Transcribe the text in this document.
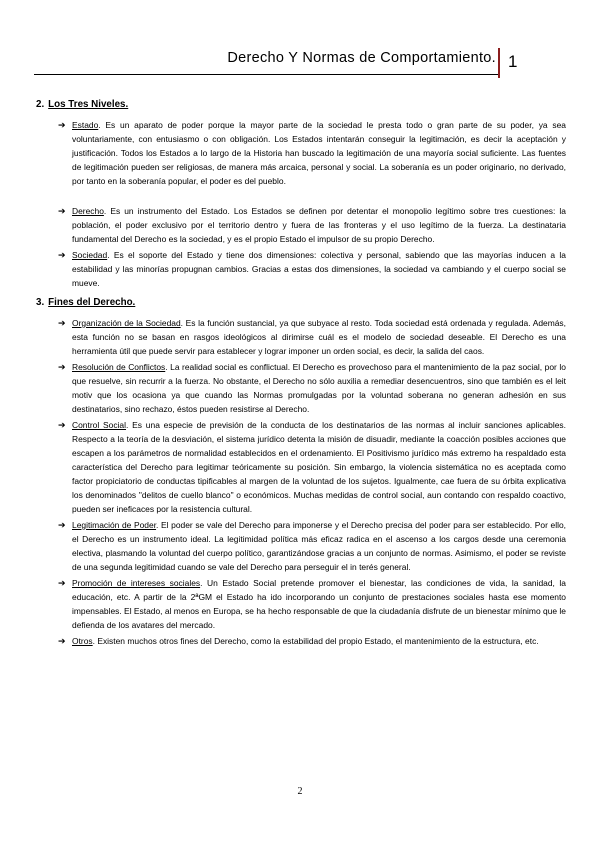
Derecho Y Normas de Comportamiento. 1
2. Los Tres Niveles.
➔ Estado. Es un aparato de poder porque la mayor parte de la sociedad le presta todo o gran parte de su poder, ya sea voluntariamente, con entusiasmo o con obligación. Los Estados intentarán conseguir la legitimación, es decir la aceptación y justificación. Todos los Estados a lo largo de la Historia han buscado la legitimación de una mayoría social suficiente. Las fuentes de legitimación pueden ser religiosas, de manera más arcaica, personal y social. La soberanía es un poder originario, no derivado, por tanto en la soberanía popular, el poder es del pueblo.
➔ Derecho. Es un instrumento del Estado. Los Estados se definen por detentar el monopolio legítimo sobre tres cuestiones: la población, el poder exclusivo por el territorio dentro y fuera de las fronteras y el uso legítimo de la fuerza. La destinataria fundamental del Derecho es la sociedad, y es el propio Estado el impulsor de su propio Derecho.
➔ Sociedad. Es el soporte del Estado y tiene dos dimensiones: colectiva y personal, sabiendo que las mayorías inducen a la estabilidad y las minorías propugnan cambios. Gracias a estas dos dimensiones, la sociedad va cambiando y el cuerpo social se mueve.
3. Fines del Derecho.
➔ Organización de la Sociedad. Es la función sustancial, ya que subyace al resto. Toda sociedad está ordenada y regulada. Además, esta función no se basan en rasgos ideológicos al dirimirse cuál es el modelo de sociedad deseable. El Derecho es una herramienta útil que puede servir para establecer y lograr imponer un orden social, es decir, la salida del caos.
➔ Resolución de Conflictos. La realidad social es conflictual. El Derecho es provechoso para el mantenimiento de la paz social, por lo que resuelve, sin recurrir a la fuerza. No obstante, el Derecho no sólo auxilia a remediar desencuentros, sino que también es el leit motiv que los ocasiona ya que cuando las Normas promulgadas por la voluntad soberana no generan adhesión en sus destinatarios, sino rechazo, éstos pueden resistirse al Derecho.
➔ Control Social. Es una especie de previsión de la conducta de los destinatarios de las normas al incluir sanciones aplicables. Respecto a la teoría de la desviación, el sistema jurídico detenta la misión de disuadir, mediante la coacción posibles acciones que escapen a los parámetros de normalidad establecidos en el ordenamiento. El Positivismo jurídico más extremo ha respaldado esta característica del Derecho para legitimar teóricamente su posición. Sin embargo, la violencia sistemática no es aceptada como factor propiciatorio de conductas tipificables al margen de la voluntad de los sujetos. Igualmente, cae fuera de su órbita explicativa los denominados "delitos de cuello blanco" o económicos. Muchas medidas de control social, aun contando con respaldo coactivo, pueden ser ineficaces por la resistencia cultural.
➔ Legitimación de Poder. El poder se vale del Derecho para imponerse y el Derecho precisa del poder para ser establecido. Por ello, el Derecho es un instrumento ideal. La legitimidad política más eficaz radica en el ascenso a los cargos desde una ceremonia electiva, plasmando la voluntad del cuerpo político, garantizándose gracias a un conjunto de normas. Asimismo, el poder se reviste de una segunda legitimidad cuando se vale del Derecho para perseguir el in terés general.
➔ Promoción de intereses sociales. Un Estado Social pretende promover el bienestar, las condiciones de vida, la sanidad, la educación, etc. A partir de la 2ªGM el Estado ha ido incorporando un conjunto de prestaciones sociales hasta ese momento impensables. El Estado, al menos en Europa, se ha hecho responsable de que la ciudadanía disfrute de un bienestar mínimo que le defienda de los avatares del mercado.
➔ Otros. Existen muchos otros fines del Derecho, como la estabilidad del propio Estado, el mantenimiento de la estructura, etc.
2
